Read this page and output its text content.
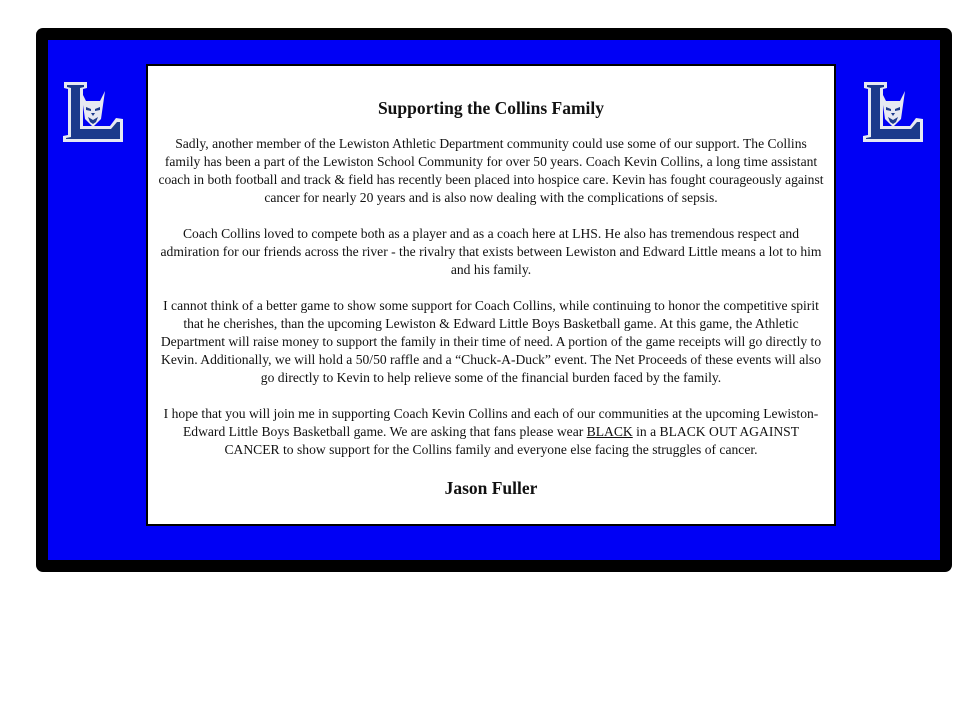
Supporting the Collins Family

Sadly, another member of the Lewiston Athletic Department community could use some of our support. The Collins family has been a part of the Lewiston School Community for over 50 years. Coach Kevin Collins, a long time assistant coach in both football and track & field has recently been placed into hospice care. Kevin has fought courageously against cancer for nearly 20 years and is also now dealing with the complications of sepsis.

Coach Collins loved to compete both as a player and as a coach here at LHS. He also has tremendous respect and admiration for our friends across the river - the rivalry that exists between Lewiston and Edward Little means a lot to him and his family.

I cannot think of a better game to show some support for Coach Collins, while continuing to honor the competitive spirit that he cherishes, than the upcoming Lewiston & Edward Little Boys Basketball game. At this game, the Athletic Department will raise money to support the family in their time of need. A portion of the game receipts will go directly to Kevin. Additionally, we will hold a 50/50 raffle and a “Chuck-A-Duck” event. The Net Proceeds of these events will also go directly to Kevin to help relieve some of the financial burden faced by the family.

I hope that you will join me in supporting Coach Kevin Collins and each of our communities at the upcoming Lewiston-Edward Little Boys Basketball game. We are asking that fans please wear BLACK in a BLACK OUT AGAINST CANCER to show support for the Collins family and everyone else facing the struggles of cancer.

Jason Fuller
